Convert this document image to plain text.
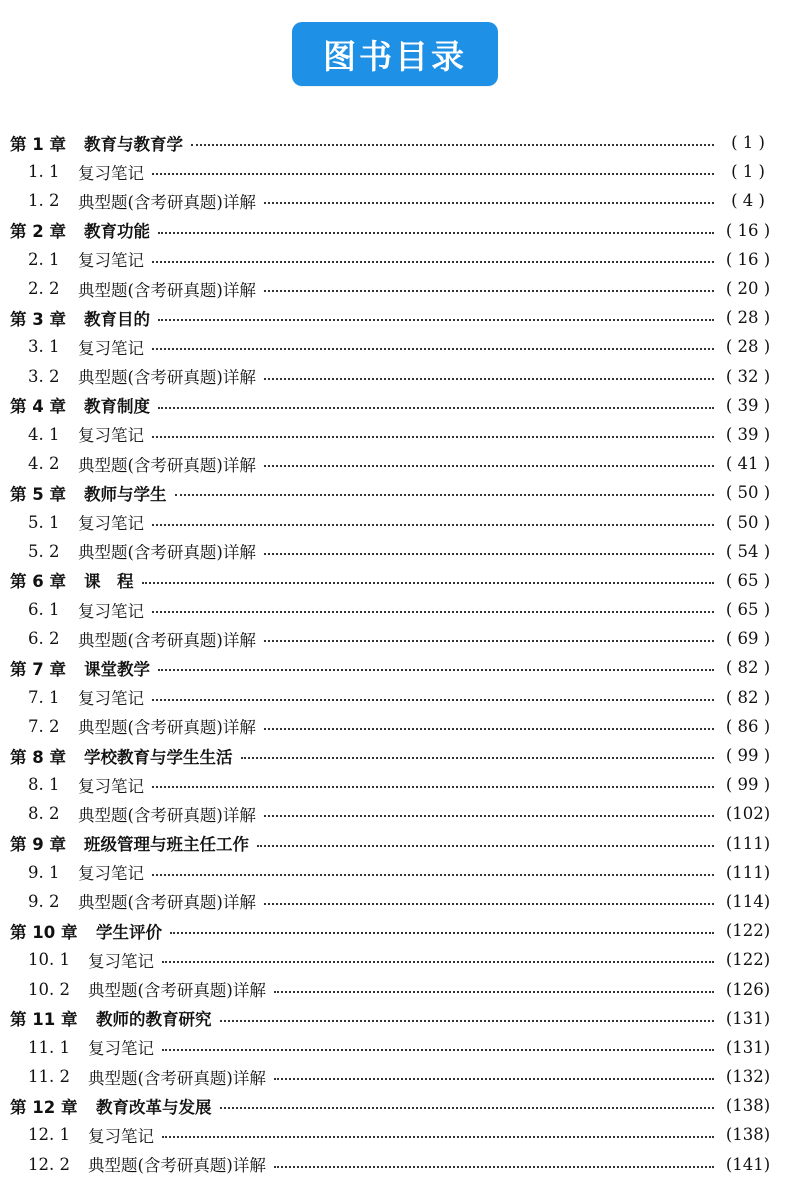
图书目录
第 1 章	教育与教育学	( 1 )
1. 1	复习笔记	( 1 )
1. 2	典型题(含考研真题)详解	( 4 )
第 2 章	教育功能	( 16 )
2. 1	复习笔记	( 16 )
2. 2	典型题(含考研真题)详解	( 20 )
第 3 章	教育目的	( 28 )
3. 1	复习笔记	( 28 )
3. 2	典型题(含考研真题)详解	( 32 )
第 4 章	教育制度	( 39 )
4. 1	复习笔记	( 39 )
4. 2	典型题(含考研真题)详解	( 41 )
第 5 章	教师与学生	( 50 )
5. 1	复习笔记	( 50 )
5. 2	典型题(含考研真题)详解	( 54 )
第 6 章	课　程	( 65 )
6. 1	复习笔记	( 65 )
6. 2	典型题(含考研真题)详解	( 69 )
第 7 章	课堂教学	( 82 )
7. 1	复习笔记	( 82 )
7. 2	典型题(含考研真题)详解	( 86 )
第 8 章	学校教育与学生生活	( 99 )
8. 1	复习笔记	( 99 )
8. 2	典型题(含考研真题)详解	(102)
第 9 章	班级管理与班主任工作	(111)
9. 1	复习笔记	(111)
9. 2	典型题(含考研真题)详解	(114)
第 10 章	学生评价	(122)
10. 1	复习笔记	(122)
10. 2	典型题(含考研真题)详解	(126)
第 11 章	教师的教育研究	(131)
11. 1	复习笔记	(131)
11. 2	典型题(含考研真题)详解	(132)
第 12 章	教育改革与发展	(138)
12. 1	复习笔记	(138)
12. 2	典型题(含考研真题)详解	(141)
